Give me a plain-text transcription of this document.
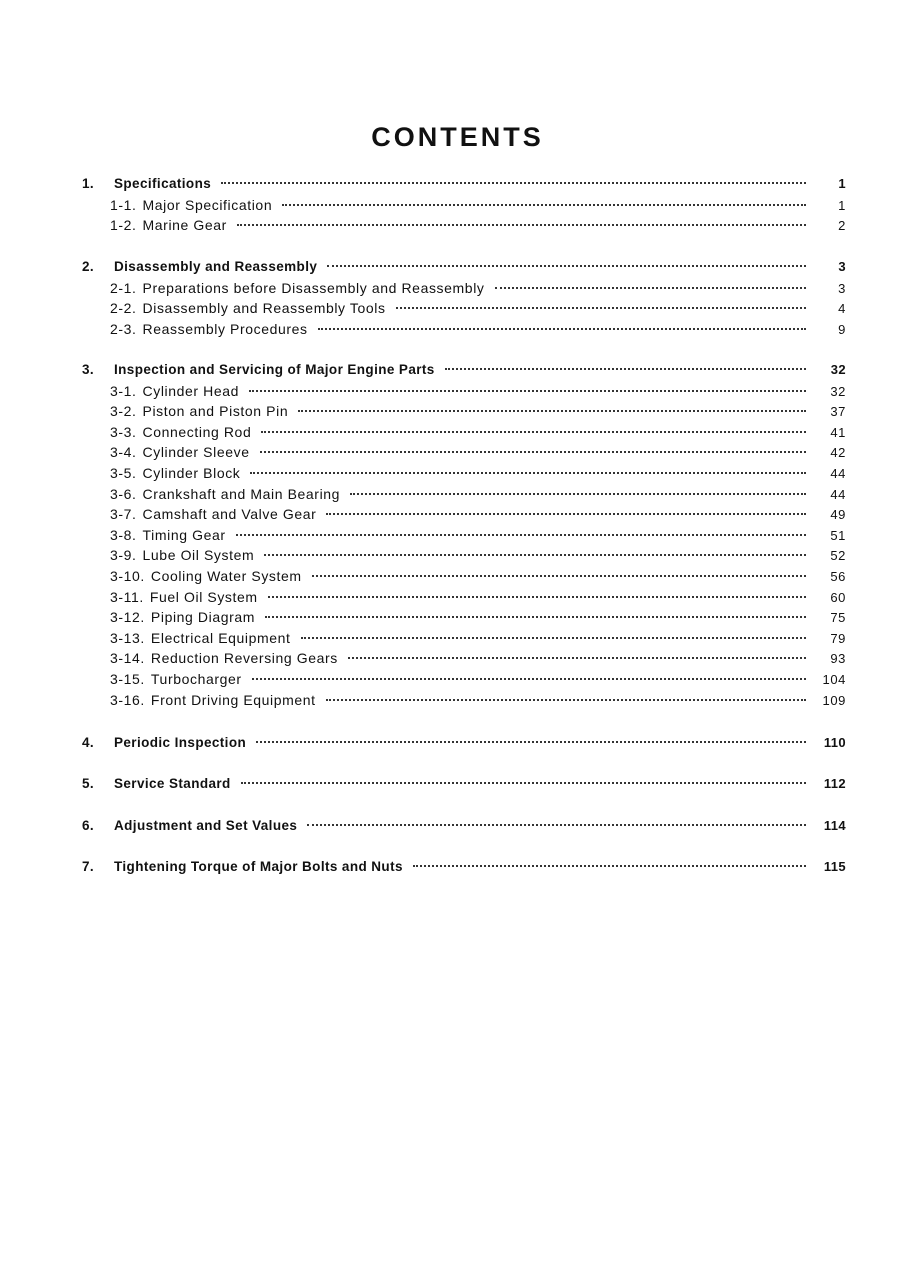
CONTENTS
1.	Specifications	1
1-1. Major Specification	1
1-2. Marine Gear	2
2.	Disassembly and Reassembly	3
2-1. Preparations before Disassembly and Reassembly	3
2-2. Disassembly and Reassembly Tools	4
2-3. Reassembly Procedures	9
3.	Inspection and Servicing of Major Engine Parts	32
3-1. Cylinder Head	32
3-2. Piston and Piston Pin	37
3-3. Connecting Rod	41
3-4. Cylinder Sleeve	42
3-5. Cylinder Block	44
3-6. Crankshaft and Main Bearing	44
3-7. Camshaft and Valve Gear	49
3-8. Timing Gear	51
3-9. Lube Oil System	52
3-10. Cooling Water System	56
3-11. Fuel Oil System	60
3-12. Piping Diagram	75
3-13. Electrical Equipment	79
3-14. Reduction Reversing Gears	93
3-15. Turbocharger	104
3-16. Front Driving Equipment	109
4.	Periodic Inspection	110
5.	Service Standard	112
6.	Adjustment and Set Values	114
7.	Tightening Torque of Major Bolts and Nuts	115
